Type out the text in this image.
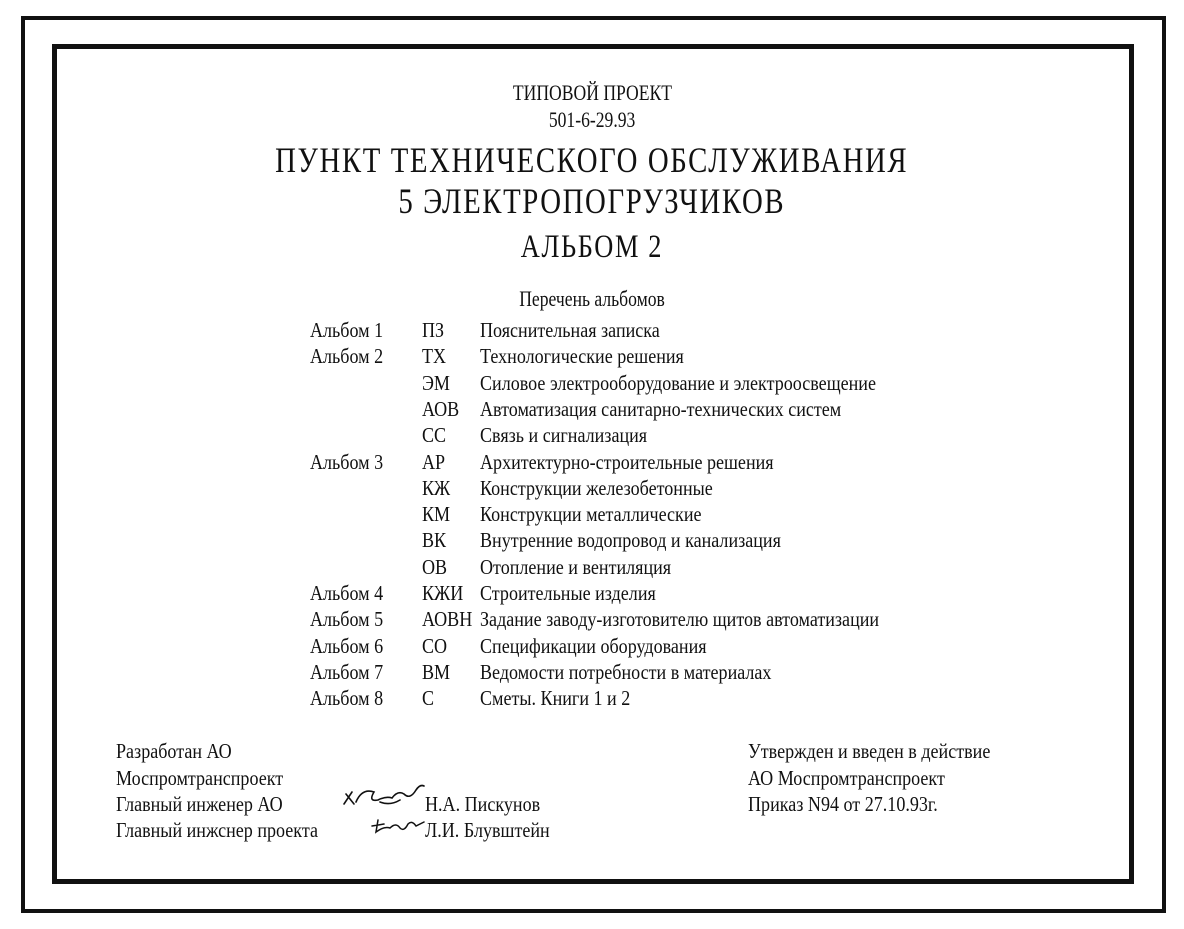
ТИПОВОЙ ПРОЕКТ
501-6-29.93
ПУНКТ ТЕХНИЧЕСКОГО ОБСЛУЖИВАНИЯ
5 ЭЛЕКТРОПОГРУЗЧИКОВ
АЛЬБОМ 2
Перечень альбомов
Альбом 1 ПЗ Пояснительная записка
Альбом 2 ТХ Технологические решения
ЭМ Силовое электрооборудование и электроосвещение
АОВ Автоматизация санитарно-технических систем
СС Связь и сигнализация
Альбом 3 АР Архитектурно-строительные решения
КЖ Конструкции железобетонные
КМ Конструкции металлические
ВК Внутренние водопровод и канализация
ОВ Отопление и вентиляция
Альбом 4 КЖИ Строительные изделия
Альбом 5 АОВН Задание заводу-изготовителю щитов автоматизации
Альбом 6 СО Спецификации оборудования
Альбом 7 ВМ Ведомости потребности в материалах
Альбом 8 С Сметы. Книги 1 и 2
Разработан АО
Моспромтранспроект
Главный инженер АО
Главный инжснер проекта
Н.А. Пискунов
Л.И. Блувштейн
Утвержден и введен в действие
АО Моспромтранспроект
Приказ N94 от 27.10.93г.
